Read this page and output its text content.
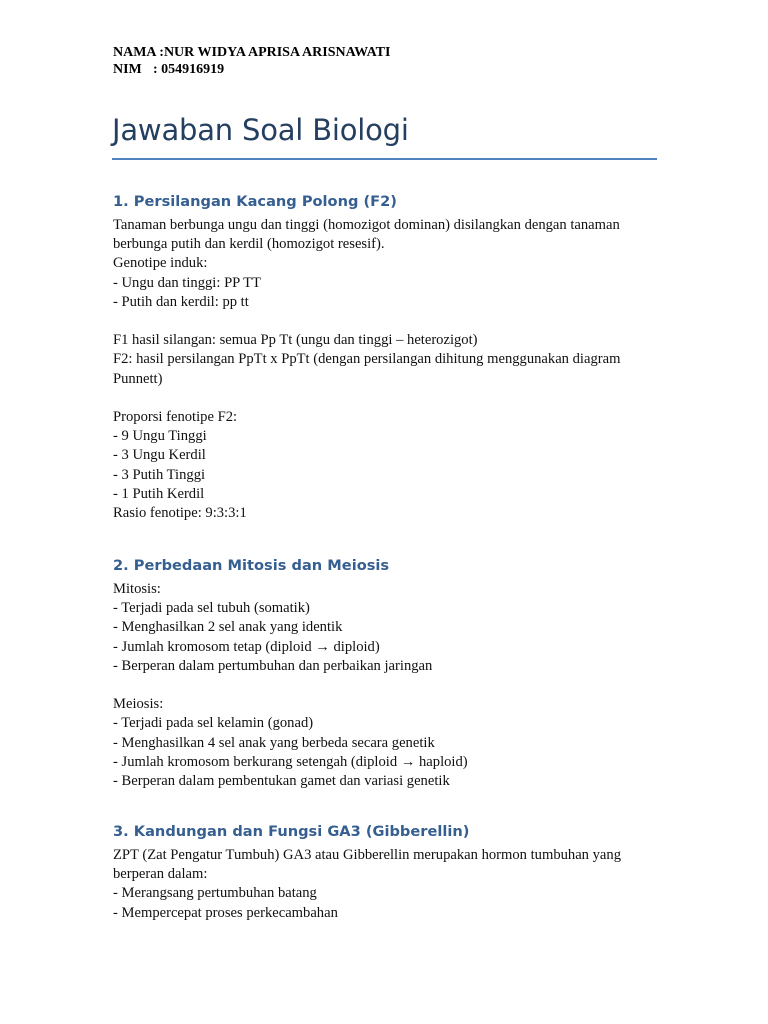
NAMA : NUR WIDYA APRISA ARISNAWATI
NIM : 054916919
Jawaban Soal Biologi
1. Persilangan Kacang Polong (F2)
Tanaman berbunga ungu dan tinggi (homozigot dominan) disilangkan dengan tanaman
berbunga putih dan kerdil (homozigot resesif).
Genotipe induk:
- Ungu dan tinggi: PP TT
- Putih dan kerdil: pp tt
F1 hasil silangan: semua Pp Tt (ungu dan tinggi – heterozigot)
F2: hasil persilangan PpTt x PpTt (dengan persilangan dihitung menggunakan diagram
Punnett)
Proporsi fenotipe F2:
- 9 Ungu Tinggi
- 3 Ungu Kerdil
- 3 Putih Tinggi
- 1 Putih Kerdil
Rasio fenotipe: 9:3:3:1
2. Perbedaan Mitosis dan Meiosis
Mitosis:
- Terjadi pada sel tubuh (somatik)
- Menghasilkan 2 sel anak yang identik
- Jumlah kromosom tetap (diploid → diploid)
- Berperan dalam pertumbuhan dan perbaikan jaringan
Meiosis:
- Terjadi pada sel kelamin (gonad)
- Menghasilkan 4 sel anak yang berbeda secara genetik
- Jumlah kromosom berkurang setengah (diploid → haploid)
- Berperan dalam pembentukan gamet dan variasi genetik
3. Kandungan dan Fungsi GA3 (Gibberellin)
ZPT (Zat Pengatur Tumbuh) GA3 atau Gibberellin merupakan hormon tumbuhan yang
berperan dalam:
- Merangsang pertumbuhan batang
- Mempercepat proses perkecambahan
